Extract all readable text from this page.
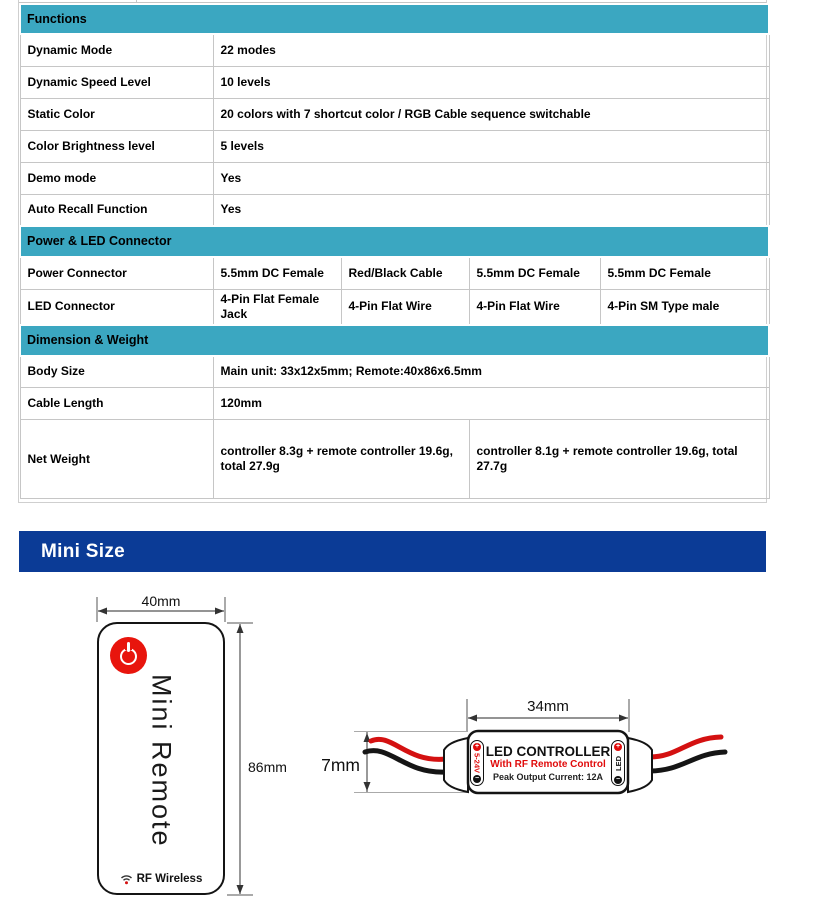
Functions				
Dynamic Mode	22 modes			
Dynamic Speed Level	10 levels			
Static Color	20 colors with 7 shortcut color / RGB Cable sequence switchable			
Color Brightness level	5 levels			
Demo mode	Yes			
Auto Recall Function	Yes			
Power & LED Connector				
Power Connector	5.5mm DC Female	Red/Black Cable	5.5mm DC Female	5.5mm DC Female
LED Connector	4-Pin Flat Female Jack	4-Pin Flat Wire	4-Pin Flat Wire	4-Pin SM Type male
Dimension & Weight				
Body Size	Main unit: 33x12x5mm; Remote:40x86x6.5mm			
Cable Length	120mm			
Net Weight	controller 8.3g + remote controller 19.6g, total 27.9g		controller 8.1g + remote controller 19.6g, total 27.7g	
Mini Size
40mm
86mm
34mm
7mm
Mini Remote
RF Wireless
LED CONTROLLER
With RF Remote Control
Peak Output Current: 12A
+
5-24V
−
+
LED
−
